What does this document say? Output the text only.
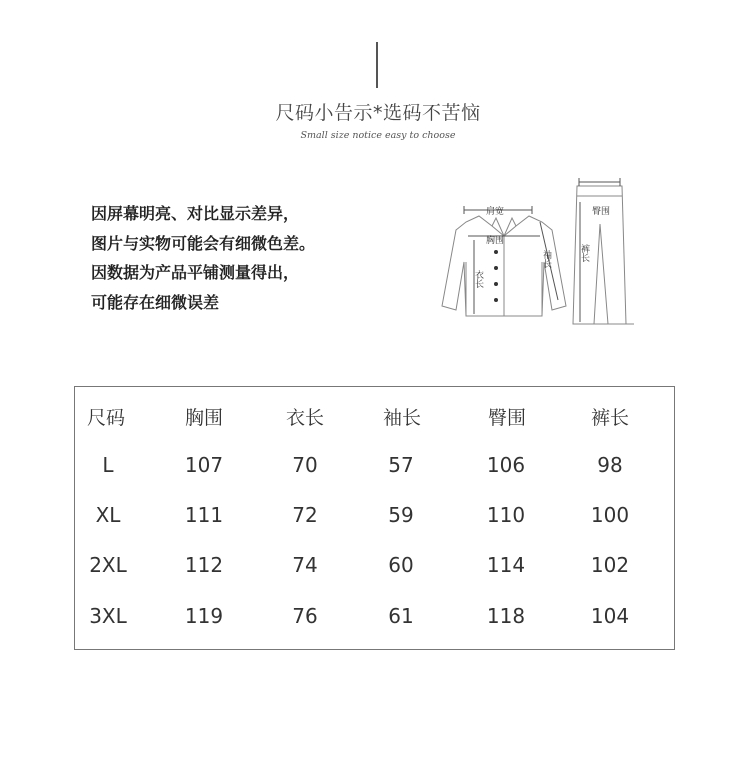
尺码小告示*选码不苦恼
Small size notice easy to choose
因屏幕明亮、对比显示差异，
图片与实物可能会有细微色差。
因数据为产品平铺测量得出，
可能存在细微误差
肩宽
胸围
衣长
袖长
臀围
裤长
尺码	胸围	衣长	袖长	臀围	裤长
L	107	70	57	106	98
XL	111	72	59	110	100
2XL	112	74	60	114	102
3XL	119	76	61	118	104
